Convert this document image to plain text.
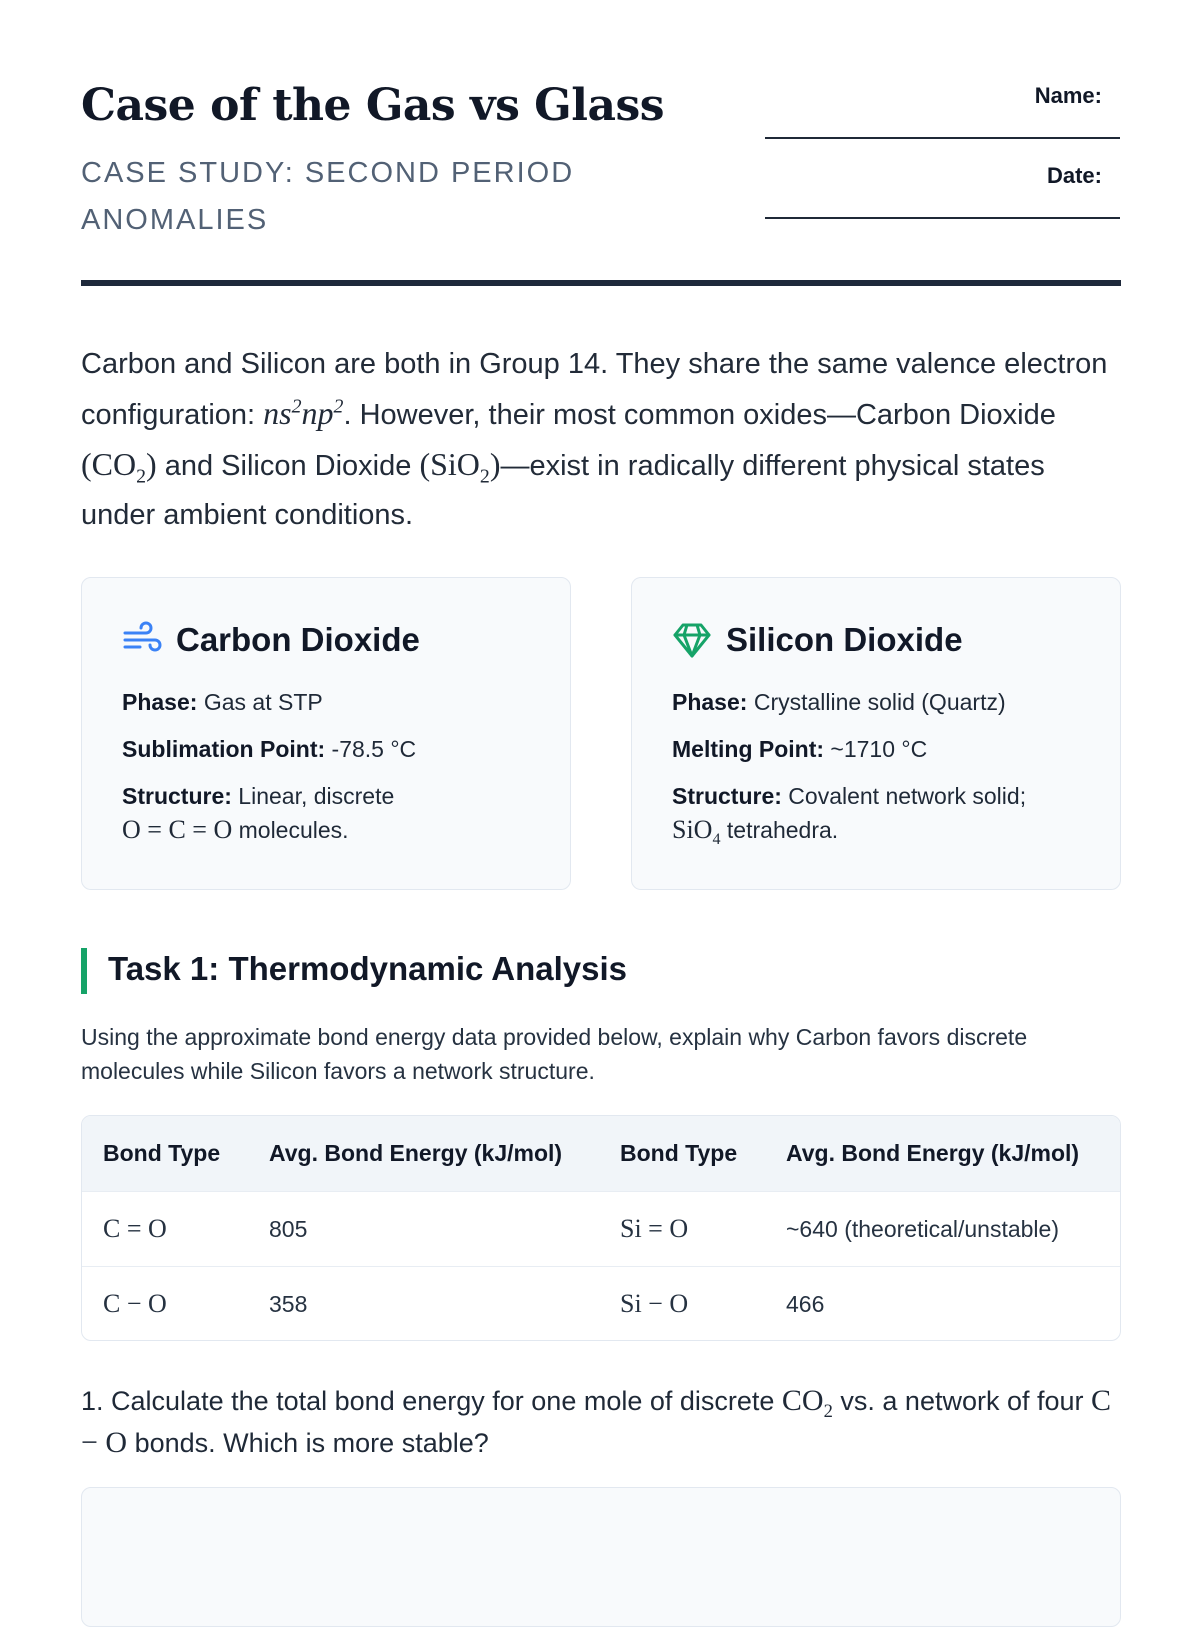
Case of the Gas vs Glass

CASE STUDY: SECOND PERIOD ANOMALIES

Name:
Date:

Carbon and Silicon are both in Group 14. They share the same valence electron configuration: $ns^2np^2$. However, their most common oxides—Carbon Dioxide $(CO_2)$ and Silicon Dioxide (SiO$_2$)—exist in radically different physical states under ambient conditions.

Carbon Dioxide
Phase: Gas at STP
Sublimation Point: -78.5 °C
Structure: Linear, discrete
O = C = O molecules.
Silicon Dioxide
Phase: Crystalline solid (Quartz)
Melting Point: ~1710 °C
Structure: Covalent network solid;
SiO$_4$ tetrahedra.
Task 1: Thermodynamic Analysis

Using the approximate bond energy data provided below, explain why Carbon favors discrete molecules while Silicon favors a network structure.

Bond Type	Avg. Bond Energy (kJ/mol)	Bond Type	Avg. Bond Energy (kJ/mol)
C = O	805	Si = O	~640 (theoretical/unstable)
C − O	358	Si − O	466

1. Calculate the total bond energy for one mole of discrete $CO_2$ vs. a network of four C − O bonds. Which is more stable?
